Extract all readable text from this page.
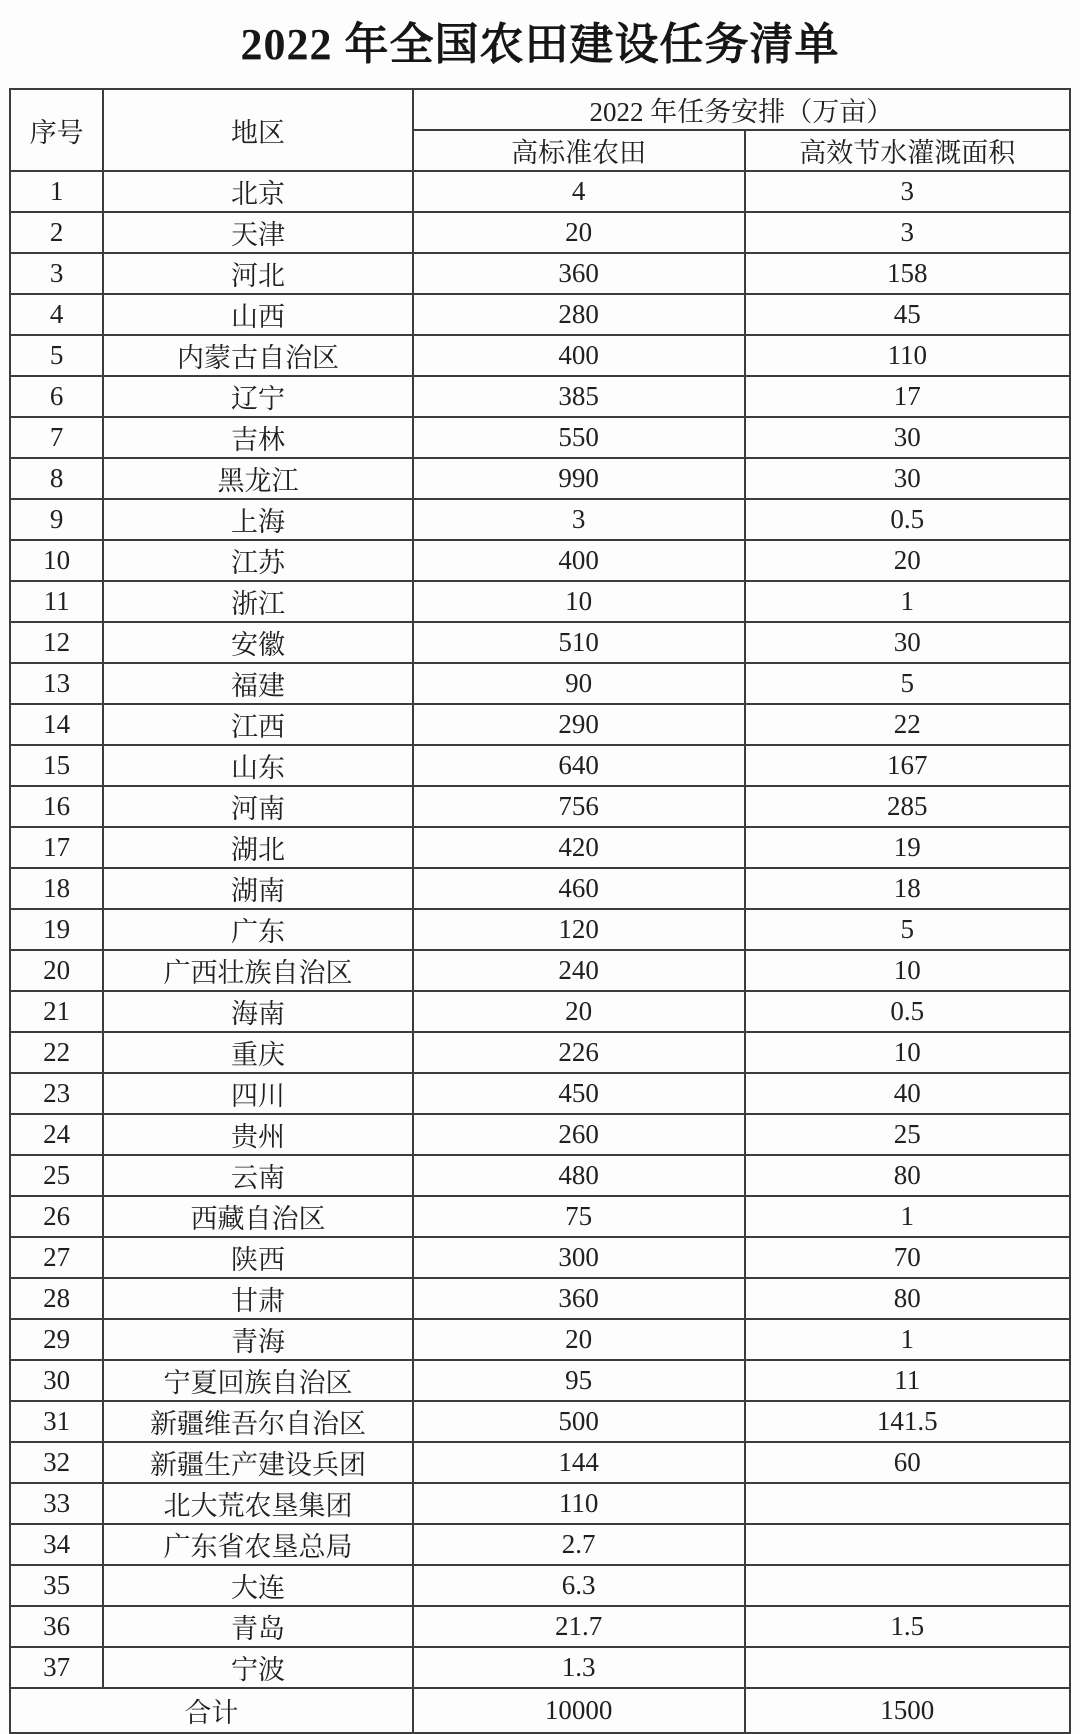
2022 年全国农田建设任务清单
序号	地区	2022 年任务安排（万亩）	
		高标准农田	高效节水灌溉面积
1	北京	4	3
2	天津	20	3
3	河北	360	158
4	山西	280	45
5	内蒙古自治区	400	110
6	辽宁	385	17
7	吉林	550	30
8	黑龙江	990	30
9	上海	3	0.5
10	江苏	400	20
11	浙江	10	1
12	安徽	510	30
13	福建	90	5
14	江西	290	22
15	山东	640	167
16	河南	756	285
17	湖北	420	19
18	湖南	460	18
19	广东	120	5
20	广西壮族自治区	240	10
21	海南	20	0.5
22	重庆	226	10
23	四川	450	40
24	贵州	260	25
25	云南	480	80
26	西藏自治区	75	1
27	陕西	300	70
28	甘肃	360	80
29	青海	20	1
30	宁夏回族自治区	95	11
31	新疆维吾尔自治区	500	141.5
32	新疆生产建设兵团	144	60
33	北大荒农垦集团	110	
34	广东省农垦总局	2.7	
35	大连	6.3	
36	青岛	21.7	1.5
37	宁波	1.3	
合计		10000	1500
